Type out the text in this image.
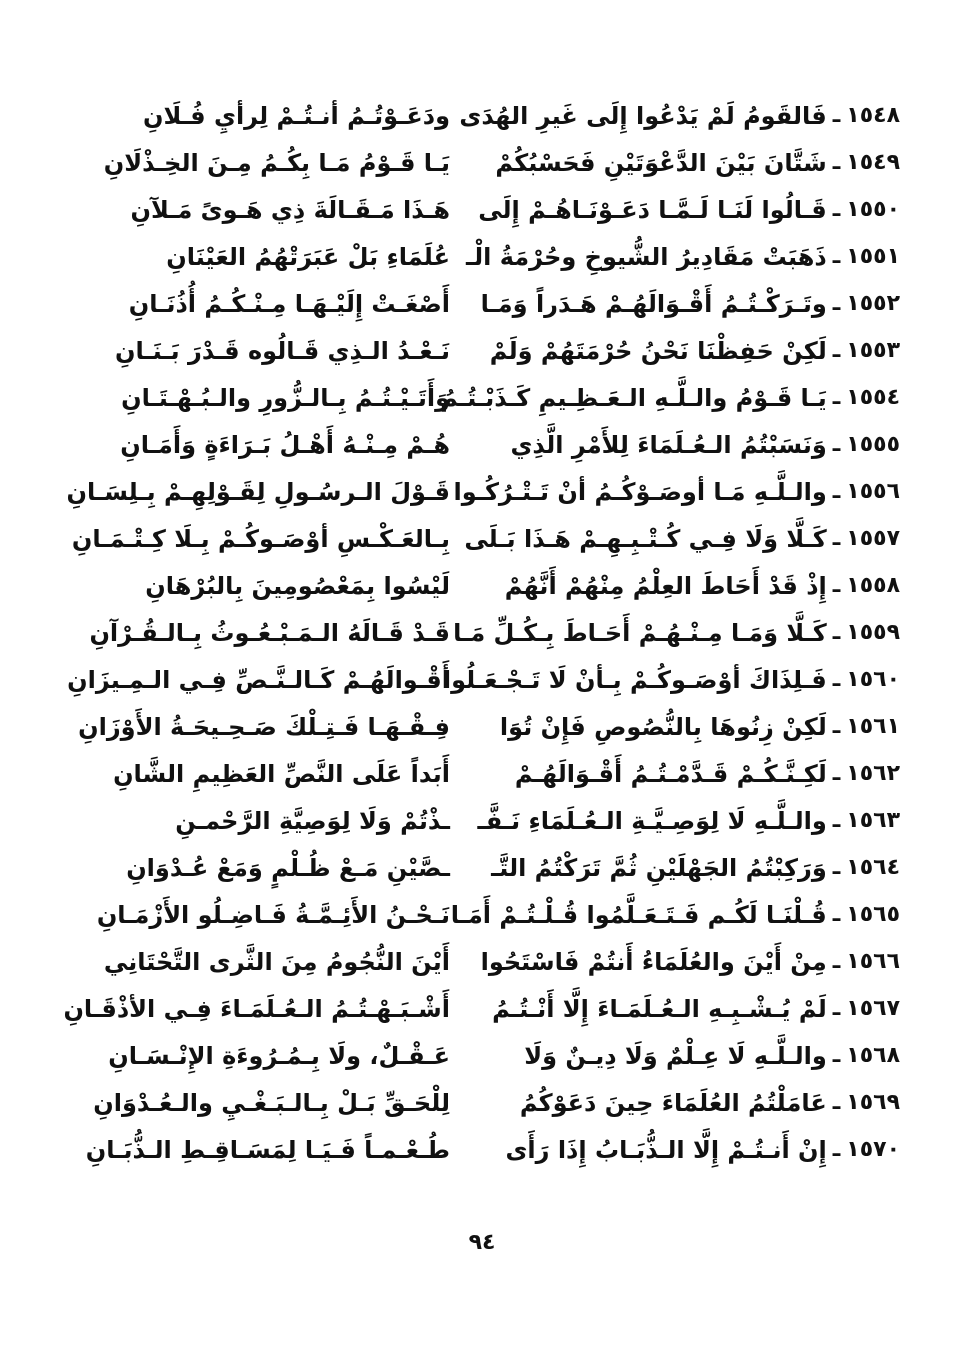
١٥٤٨
ـ
فَالقَومُ لَمْ يَدْعُوا إِلَى غَيرِ الهُدَى
ودَعَـوْتُـمُ أنـتُـمْ لِرأيِ فُـلَانِ
١٥٤٩
ـ
شَتَّانَ بَيْنَ الدَّعْوَتَيْنِ فَحَسْبُكُمْ
يَـا قَـوْمُ مَـا بِكُـمُ مِـنَ الخِـذْلَانِ
١٥٥٠
ـ
قَـالُوا لَنَـا لَـمَّـا دَعَـوْنَـاهُـمْ إِلَى
هَـذَا مَـقَـالَةَ ذِي هَـوىً مَـلآنِ
١٥٥١
ـ
ذَهَبَتْ مَقَادِيرُ الشُّيوخِ وحُرْمَةُ الْـ
عُلَمَاءِ بَلْ عَبَرَتْهُمُ العَيْنَانِ
١٥٥٢
ـ
وتَـرَكْـتُـمُ أَقْـوَالَهُـمْ هَـدَراً وَمَـا
أَصْغَـتْ إِلَيْـهَـا مِـنْـكُـمُ أُذُنَـانِ
١٥٥٣
ـ
لَكِنْ حَفِظْنَا نَحْنُ حُرْمَتَهُمْ وَلَمْ
نَـعْـدُ الـذِي قَـالُوه قَـدْرَ بَـنَـانِ
١٥٥٤
ـ
يَـا قَـوْمُ والـلَّـهِ الـعَـظِـيمِ كَـذَبْـتُـمُ
وَأَتَـيْـتُـمُ بِـالـزُّورِ والـبُـهْـتَـانِ
١٥٥٥
ـ
وَنَسَبْتُمُ الـعُـلَمَاءَ لِلأَمْرِ الَّذِي
هُـمْ مِـنْـهُ أَهْـلُ بَـرَاءَةٍ وَأَمَـانِ
١٥٥٦
ـ
والـلَّـهِ مَـا أوصَـوْكُـمُ أنْ تَـتْـرُكُـوا
قَـوْلَ الـرسُـولِ لِقَـوْلِهِـمْ بِـلِسَـانِ
١٥٥٧
ـ
كَـلَّا وَلَا فِـي كُـتْـبِـهِـمْ هَـذَا بَـلَى
بِـالعَـكْـسِ أوْصَـوكُـمْ بِـلَا كِـتْـمَـانِ
١٥٥٨
ـ
إِذْ قَدْ أَحَاطَ العِلْمُ مِنْهُمْ أَنَّهُمْ
لَيْسُوا بِمَعْصُومِينَ بِالبُرْهَانِ
١٥٥٩
ـ
كَـلَّا وَمَـا مِـنْـهُـمْ أَحَـاطَ بِـكُـلِّ مَـا
قَـدْ قَـالَهُ الـمَـبْـعُـوثُ بِـالـقُـرْآنِ
١٥٦٠
ـ
فَـلِذَاكَ أوْصَـوكُـمْ بِـأنْ لَا تَـجْـعَـلُوا
أَقْـوالَهُـمْ كَـالـنَّـصِّ فِـي الـمِـيزَانِ
١٥٦١
ـ
لَكِنْ زِنُوهَا بِالنُّصُوصِ فَإِنْ تُوَا
فِـقْـهَـا فَـتِـلْكَ صَـحِـيحَـةُ الأَوْزَانِ
١٥٦٢
ـ
لَكِـنَّـكُـمْ قَـدَّمْـتُـمُ أَقْـوَالَهُـمْ
أَبَداً عَلَى النَّصِّ العَظِيمِ الشَّانِ
١٥٦٣
ـ
والـلَّـهِ لَا لِوَصِـيَّـةِ الـعُـلَمَاءِ نَـفَّـ
ـذْتُمْ وَلَا لِوَصِيَّةِ الرَّحْمـنِ
١٥٦٤
ـ
وَرَكِبْتُمُ الجَهْلَيْنِ ثُمَّ تَرَكْتُمُ التَّـ
ـصَّيْنِ مَـعْ ظُـلْمٍ وَمَعْ عُـدْوَانِ
١٥٦٥
ـ
قُـلْنَـا لَكُـم فَـتَـعَـلَّمُوا قُـلْـتُـمْ أَمَـا
نَـحْـنُ الأَئِـمَّـةُ فَـاضِـلُو الأَزْمَـانِ
١٥٦٦
ـ
مِنْ أَيْنَ والعُلَمَاءُ أَنتُمْ فَاسْتَحُوا
أَيْنَ النُّجُومُ مِنَ الثَّرى التَّحْتَانِي
١٥٦٧
ـ
لَمْ يُـشْـبِـهِ الـعُـلَمَـاءَ إِلَّا أَنْـتُـمُ
أَشْـبَـهْـتُـمُ الـعُـلَمَـاءَ فِـي الأذْقَـانِ
١٥٦٨
ـ
والـلَّـهِ لَا عِـلْمٌ وَلَا دِيـنٌ وَلَا
عَـقْـلٌ، ولَا بِـمُـرُوءَةِ الإِنْـسَـانِ
١٥٦٩
ـ
عَامَلْتُمُ العُلَمَاءَ حِينَ دَعَوْكُمُ
لِلْحَـقِّ بَـلْ بِـالـبَـغْـيِ والـعُـدْوَانِ
١٥٧٠
ـ
إِنْ أَنـتُـمْ إِلَّا الـذُّبَـابُ إِذَا رَأَى
طُـعْـمـاً فَـيَـا لِمَسَـاقِـطِ الـذُّبَـانِ
٩٤
